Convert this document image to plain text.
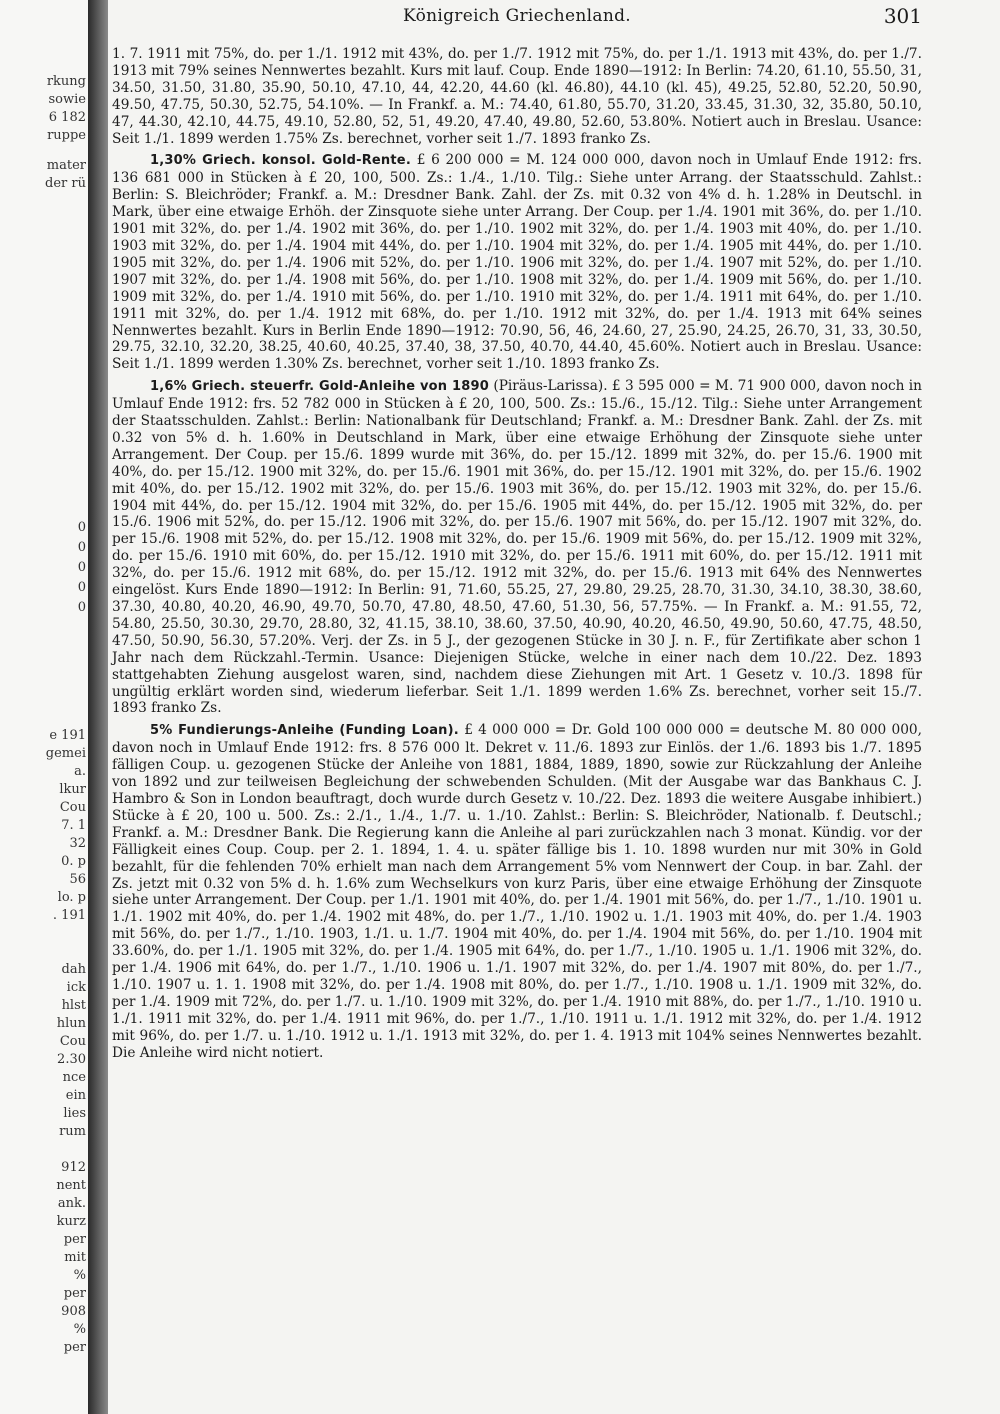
rkung
sowie
6 182
ruppe
mater
der rü
0
0
0
0
0
e 191
gemei
a.
lkur
Cou
7. 1
32
0. p
56
lo. p
. 191
dah
ick
hlst
hlun
Cou
2.30
nce
ein
lies
rum
912
nent
ank.
kurz
per
mit
%
per
908
%
per
Königreich Griechenland.	301

1. 7. 1911 mit 75%, do. per 1./1. 1912 mit 43%, do. per 1./7. 1912 mit 75%, do. per 1./1. 1913 mit 43%, do. per 1./7. 1913 mit 79% seines Nennwertes bezahlt. Kurs mit lauf. Coup. Ende 1890—1912: In Berlin: 74.20, 61.10, 55.50, 31, 34.50, 31.50, 31.80, 35.90, 50.10, 47.10, 44, 42.20, 44.60 (kl. 46.80), 44.10 (kl. 45), 49.25, 52.80, 52.20, 50.90, 49.50, 47.75, 50.30, 52.75, 54.10%. — In Frankf. a. M.: 74.40, 61.80, 55.70, 31.20, 33.45, 31.30, 32, 35.80, 50.10, 47, 44.30, 42.10, 44.75, 49.10, 52.80, 52, 51, 49.20, 47.40, 49.80, 52.60, 53.80%. Notiert auch in Breslau. Usance: Seit 1./1. 1899 werden 1.75% Zs. berechnet, vorher seit 1./7. 1893 franko Zs.

1,30% Griech. konsol. Gold-Rente. £ 6 200 000 = M. 124 000 000, davon noch in Umlauf Ende 1912: frs. 136 681 000 in Stücken à £ 20, 100, 500. Zs.: 1./4., 1./10. Tilg.: Siehe unter Arrang. der Staatsschuld. Zahlst.: Berlin: S. Bleichröder; Frankf. a. M.: Dresdner Bank. Zahl. der Zs. mit 0.32 von 4% d. h. 1.28% in Deutschl. in Mark, über eine etwaige Erhöh. der Zinsquote siehe unter Arrang. Der Coup. per 1./4. 1901 mit 36%, do. per 1./10. 1901 mit 32%, do. per 1./4. 1902 mit 36%, do. per 1./10. 1902 mit 32%, do. per 1./4. 1903 mit 40%, do. per 1./10. 1903 mit 32%, do. per 1./4. 1904 mit 44%, do. per 1./10. 1904 mit 32%, do. per 1./4. 1905 mit 44%, do. per 1./10. 1905 mit 32%, do. per 1./4. 1906 mit 52%, do. per 1./10. 1906 mit 32%, do. per 1./4. 1907 mit 52%, do. per 1./10. 1907 mit 32%, do. per 1./4. 1908 mit 56%, do. per 1./10. 1908 mit 32%, do. per 1./4. 1909 mit 56%, do. per 1./10. 1909 mit 32%, do. per 1./4. 1910 mit 56%, do. per 1./10. 1910 mit 32%, do. per 1./4. 1911 mit 64%, do. per 1./10. 1911 mit 32%, do. per 1./4. 1912 mit 68%, do. per 1./10. 1912 mit 32%, do. per 1./4. 1913 mit 64% seines Nennwertes bezahlt. Kurs in Berlin Ende 1890—1912: 70.90, 56, 46, 24.60, 27, 25.90, 24.25, 26.70, 31, 33, 30.50, 29.75, 32.10, 32.20, 38.25, 40.60, 40.25, 37.40, 38, 37.50, 40.70, 44.40, 45.60%. Notiert auch in Breslau. Usance: Seit 1./1. 1899 werden 1.30% Zs. berechnet, vorher seit 1./10. 1893 franko Zs.

1,6% Griech. steuerfr. Gold-Anleihe von 1890 (Piräus-Larissa). £ 3 595 000 = M. 71 900 000, davon noch in Umlauf Ende 1912: frs. 52 782 000 in Stücken à £ 20, 100, 500. Zs.: 15./6., 15./12. Tilg.: Siehe unter Arrangement der Staatsschulden. Zahlst.: Berlin: Nationalbank für Deutschland; Frankf. a. M.: Dresdner Bank. Zahl. der Zs. mit 0.32 von 5% d. h. 1.60% in Deutschland in Mark, über eine etwaige Erhöhung der Zinsquote siehe unter Arrangement. Der Coup. per 15./6. 1899 wurde mit 36%, do. per 15./12. 1899 mit 32%, do. per 15./6. 1900 mit 40%, do. per 15./12. 1900 mit 32%, do. per 15./6. 1901 mit 36%, do. per 15./12. 1901 mit 32%, do. per 15./6. 1902 mit 40%, do. per 15./12. 1902 mit 32%, do. per 15./6. 1903 mit 36%, do. per 15./12. 1903 mit 32%, do. per 15./6. 1904 mit 44%, do. per 15./12. 1904 mit 32%, do. per 15./6. 1905 mit 44%, do. per 15./12. 1905 mit 32%, do. per 15./6. 1906 mit 52%, do. per 15./12. 1906 mit 32%, do. per 15./6. 1907 mit 56%, do. per 15./12. 1907 mit 32%, do. per 15./6. 1908 mit 52%, do. per 15./12. 1908 mit 32%, do. per 15./6. 1909 mit 56%, do. per 15./12. 1909 mit 32%, do. per 15./6. 1910 mit 60%, do. per 15./12. 1910 mit 32%, do. per 15./6. 1911 mit 60%, do. per 15./12. 1911 mit 32%, do. per 15./6. 1912 mit 68%, do. per 15./12. 1912 mit 32%, do. per 15./6. 1913 mit 64% des Nennwertes eingelöst. Kurs Ende 1890—1912: In Berlin: 91, 71.60, 55.25, 27, 29.80, 29.25, 28.70, 31.30, 34.10, 38.30, 38.60, 37.30, 40.80, 40.20, 46.90, 49.70, 50.70, 47.80, 48.50, 47.60, 51.30, 56, 57.75%. — In Frankf. a. M.: 91.55, 72, 54.80, 25.50, 30.30, 29.70, 28.80, 32, 41.15, 38.10, 38.60, 37.50, 40.90, 40.20, 46.50, 49.90, 50.60, 47.75, 48.50, 47.50, 50.90, 56.30, 57.20%. Verj. der Zs. in 5 J., der gezogenen Stücke in 30 J. n. F., für Zertifikate aber schon 1 Jahr nach dem Rückzahl.-Termin. Usance: Diejenigen Stücke, welche in einer nach dem 10./22. Dez. 1893 stattgehabten Ziehung ausgelost waren, sind, nachdem diese Ziehungen mit Art. 1 Gesetz v. 10./3. 1898 für ungültig erklärt worden sind, wiederum lieferbar. Seit 1./1. 1899 werden 1.6% Zs. berechnet, vorher seit 15./7. 1893 franko Zs.

5% Fundierungs-Anleihe (Funding Loan). £ 4 000 000 = Dr. Gold 100 000 000 = deutsche M. 80 000 000, davon noch in Umlauf Ende 1912: frs. 8 576 000 lt. Dekret v. 11./6. 1893 zur Einlös. der 1./6. 1893 bis 1./7. 1895 fälligen Coup. u. gezogenen Stücke der Anleihe von 1881, 1884, 1889, 1890, sowie zur Rückzahlung der Anleihe von 1892 und zur teilweisen Begleichung der schwebenden Schulden. (Mit der Ausgabe war das Bankhaus C. J. Hambro & Son in London beauftragt, doch wurde durch Gesetz v. 10./22. Dez. 1893 die weitere Ausgabe inhibiert.) Stücke à £ 20, 100 u. 500. Zs.: 2./1., 1./4., 1./7. u. 1./10. Zahlst.: Berlin: S. Bleichröder, Nationalb. f. Deutschl.; Frankf. a. M.: Dresdner Bank. Die Regierung kann die Anleihe al pari zurückzahlen nach 3 monat. Kündig. vor der Fälligkeit eines Coup. Coup. per 2. 1. 1894, 1. 4. u. später fällige bis 1. 10. 1898 wurden nur mit 30% in Gold bezahlt, für die fehlenden 70% erhielt man nach dem Arrangement 5% vom Nennwert der Coup. in bar. Zahl. der Zs. jetzt mit 0.32 von 5% d. h. 1.6% zum Wechselkurs von kurz Paris, über eine etwaige Erhöhung der Zinsquote siehe unter Arrangement. Der Coup. per 1./1. 1901 mit 40%, do. per 1./4. 1901 mit 56%, do. per 1./7., 1./10. 1901 u. 1./1. 1902 mit 40%, do. per 1./4. 1902 mit 48%, do. per 1./7., 1./10. 1902 u. 1./1. 1903 mit 40%, do. per 1./4. 1903 mit 56%, do. per 1./7., 1./10. 1903, 1./1. u. 1./7. 1904 mit 40%, do. per 1./4. 1904 mit 56%, do. per 1./10. 1904 mit 33.60%, do. per 1./1. 1905 mit 32%, do. per 1./4. 1905 mit 64%, do. per 1./7., 1./10. 1905 u. 1./1. 1906 mit 32%, do. per 1./4. 1906 mit 64%, do. per 1./7., 1./10. 1906 u. 1./1. 1907 mit 32%, do. per 1./4. 1907 mit 80%, do. per 1./7., 1./10. 1907 u. 1. 1. 1908 mit 32%, do. per 1./4. 1908 mit 80%, do. per 1./7., 1./10. 1908 u. 1./1. 1909 mit 32%, do. per 1./4. 1909 mit 72%, do. per 1./7. u. 1./10. 1909 mit 32%, do. per 1./4. 1910 mit 88%, do. per 1./7., 1./10. 1910 u. 1./1. 1911 mit 32%, do. per 1./4. 1911 mit 96%, do. per 1./7., 1./10. 1911 u. 1./1. 1912 mit 32%, do. per 1./4. 1912 mit 96%, do. per 1./7. u. 1./10. 1912 u. 1./1. 1913 mit 32%, do. per 1. 4. 1913 mit 104% seines Nennwertes bezahlt. Die Anleihe wird nicht notiert.
